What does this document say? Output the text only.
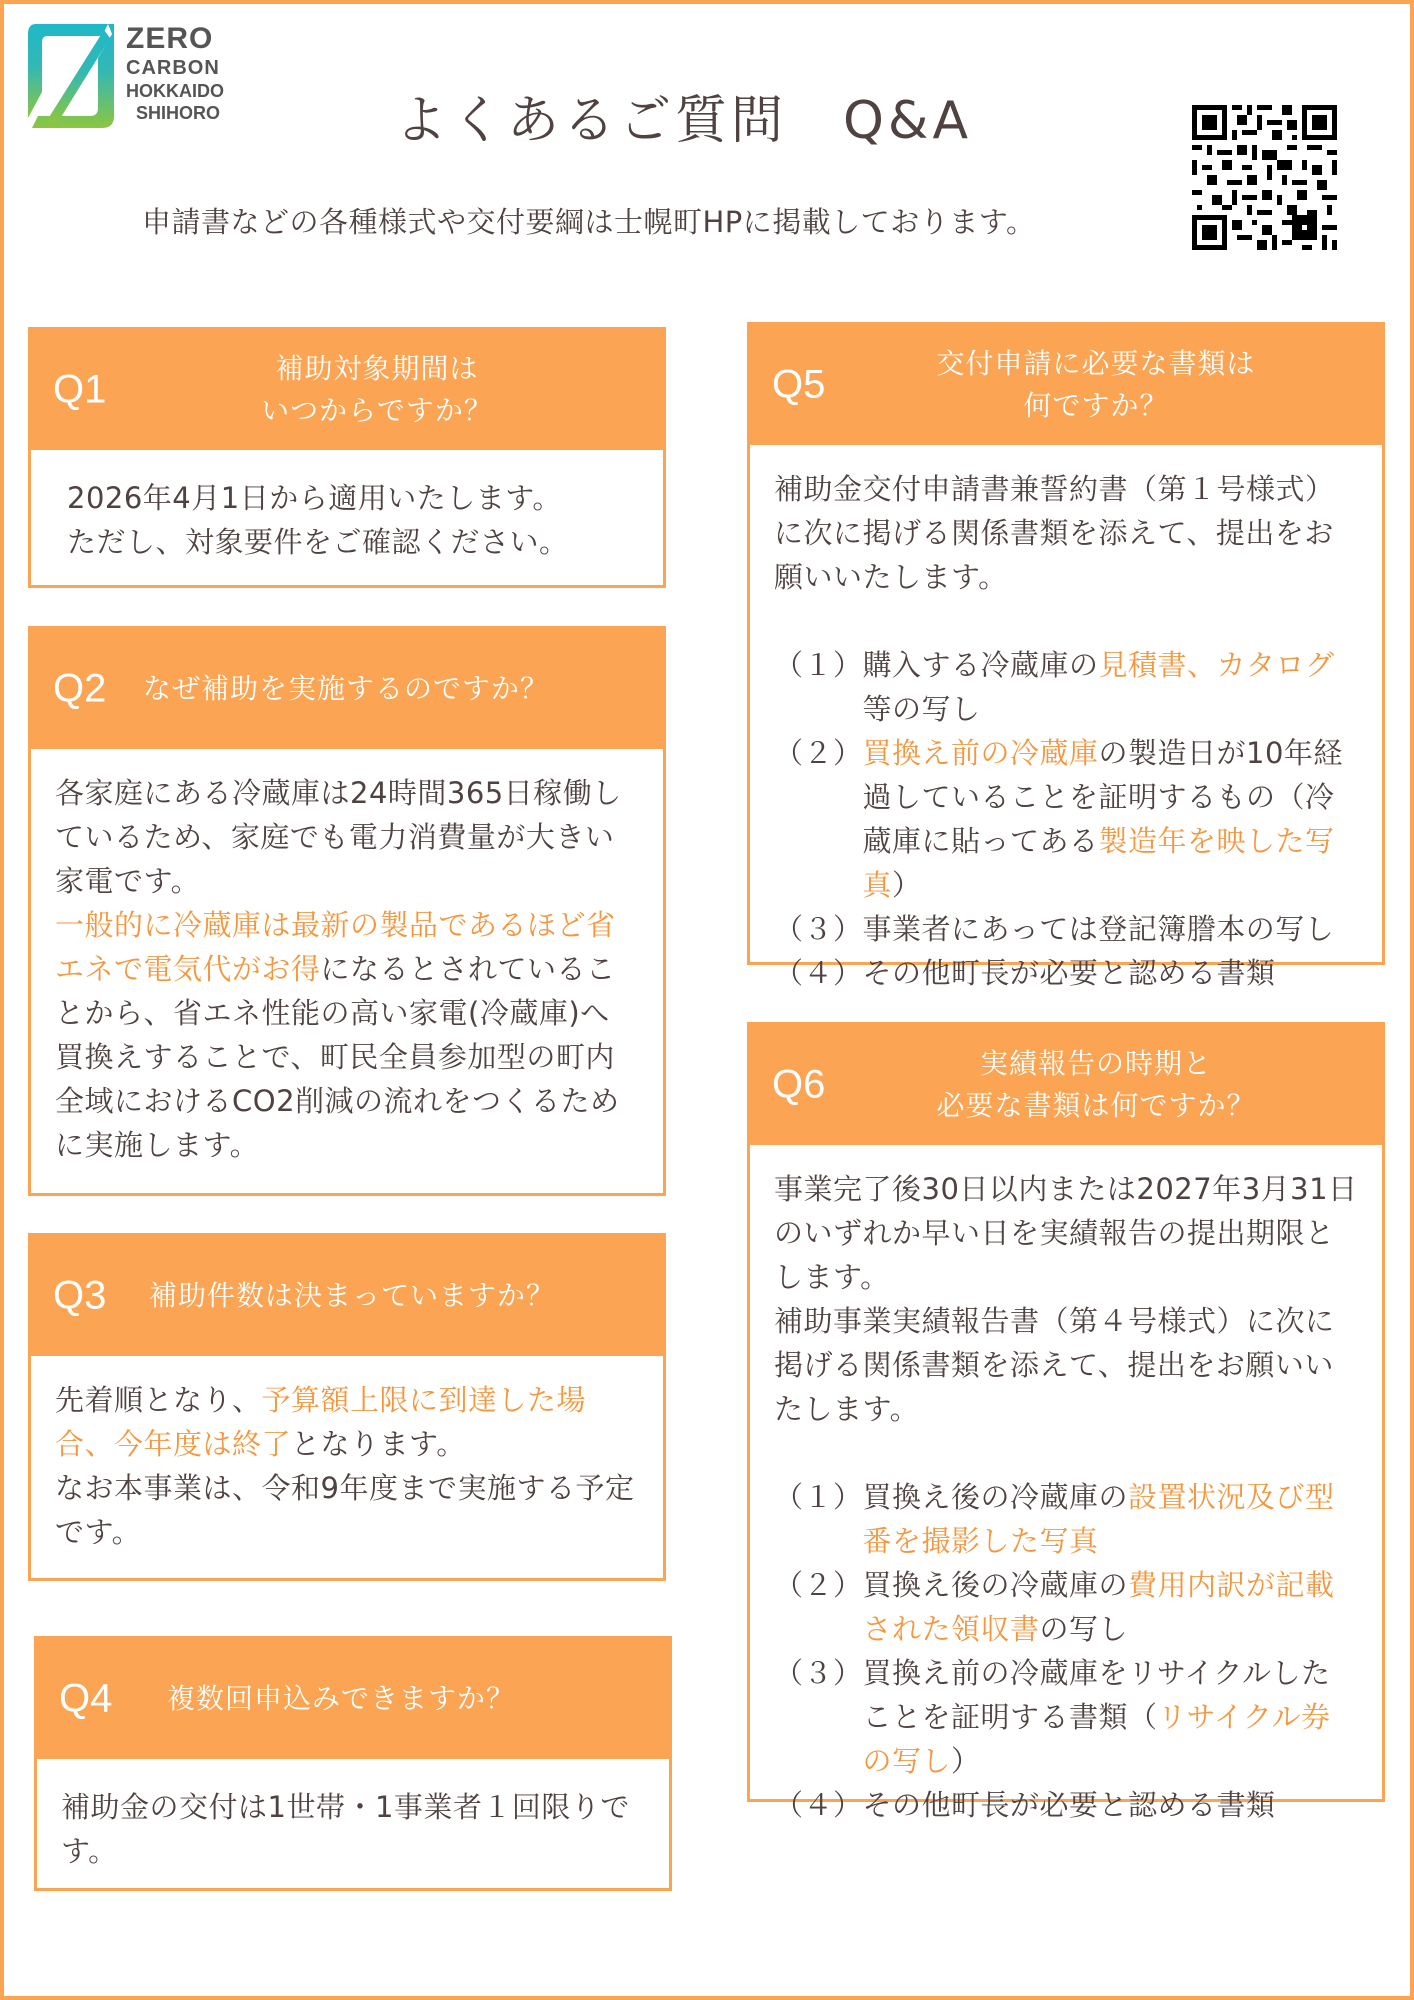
ZERO
CARBON
HOKKAIDO
SHIHORO	よくあるご質問　Q&A
申請書などの各種様式や交付要綱は士幌町HPに掲載しております。
Q1	補助対象期間は
いつからですか？
2026年4月1日から適用いたします。
ただし、対象要件をご確認ください。
Q2	なぜ補助を実施するのですか？
各家庭にある冷蔵庫は24時間365日稼働しているため、家庭でも電力消費量が大きい家電です。
一般的に冷蔵庫は最新の製品であるほど省エネで電気代がお得になるとされていることから、省エネ性能の高い家電(冷蔵庫)へ買換えすることで、町民全員参加型の町内全域におけるCO2削減の流れをつくるために実施します。
Q3	補助件数は決まっていますか？
先着順となり、予算額上限に到達した場合、今年度は終了となります。
なお本事業は、令和9年度まで実施する予定です。
Q4	複数回申込みできますか？
補助金の交付は1世帯・1事業者１回限りです。
Q5	交付申請に必要な書類は
何ですか？
補助金交付申請書兼誓約書（第１号様式）に次に掲げる関係書類を添えて、提出をお願いいたします。
（１） 購入する冷蔵庫の見積書、カタログ等の写し
（２） 買換え前の冷蔵庫の製造日が10年経過していることを証明するもの（冷蔵庫に貼ってある製造年を映した写真）
（３） 事業者にあっては登記簿謄本の写し
（４） その他町長が必要と認める書類
Q6	実績報告の時期と
必要な書類は何ですか？
事業完了後30日以内または2027年3月31日のいずれか早い日を実績報告の提出期限とします。
補助事業実績報告書（第４号様式）に次に掲げる関係書類を添えて、提出をお願いいたします。
（１） 買換え後の冷蔵庫の設置状況及び型番を撮影した写真
（２） 買換え後の冷蔵庫の費用内訳が記載された領収書の写し
（３） 買換え前の冷蔵庫をリサイクルしたことを証明する書類（リサイクル券の写し）
（４） その他町長が必要と認める書類
